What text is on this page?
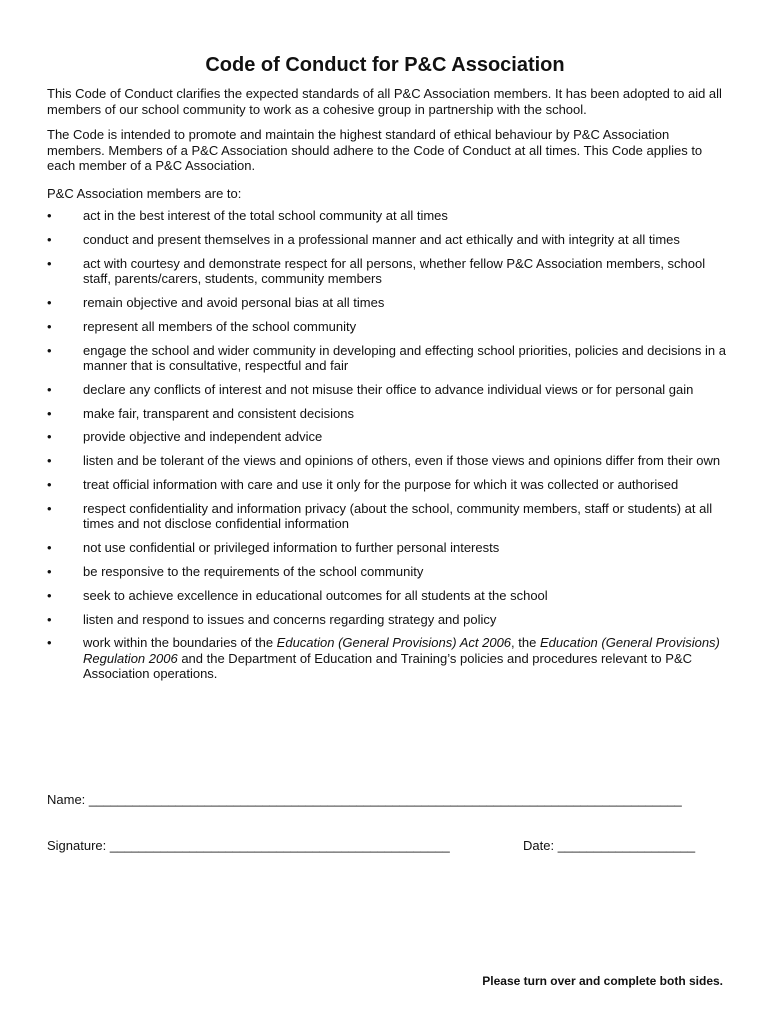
Code of Conduct for P&C Association

This Code of Conduct clarifies the expected standards of all P&C Association members. It has been adopted to aid all members of our school community to work as a cohesive group in partnership with the school.

The Code is intended to promote and maintain the highest standard of ethical behaviour by P&C Association members. Members of a P&C Association should adhere to the Code of Conduct at all times. This Code applies to each member of a P&C Association.

P&C Association members are to:

•	act in the best interest of the total school community at all times
•	conduct and present themselves in a professional manner and act ethically and with integrity at all times
•	act with courtesy and demonstrate respect for all persons, whether fellow P&C Association members, school staff, parents/carers, students, community members
•	remain objective and avoid personal bias at all times
•	represent all members of the school community
•	engage the school and wider community in developing and effecting school priorities, policies and decisions in a manner that is consultative, respectful and fair
•	declare any conflicts of interest and not misuse their office to advance individual views or for personal gain
•	make fair, transparent and consistent decisions
•	provide objective and independent advice
•	listen and be tolerant of the views and opinions of others, even if those views and opinions differ from their own
•	treat official information with care and use it only for the purpose for which it was collected or authorised
•	respect confidentiality and information privacy (about the school, community members, staff or students) at all times and not disclose confidential information
•	not use confidential or privileged information to further personal interests
•	be responsive to the requirements of the school community
•	seek to achieve excellence in educational outcomes for all students at the school
•	listen and respond to issues and concerns regarding strategy and policy
•	work within the boundaries of the Education (General Provisions) Act 2006, the Education (General Provisions) Regulation 2006 and the Department of Education and Training’s policies and procedures relevant to P&C Association operations.
Name: __________________________________________________________________________________
Signature: _______________________________________________	Date: ___________________
Please turn over and complete both sides.
